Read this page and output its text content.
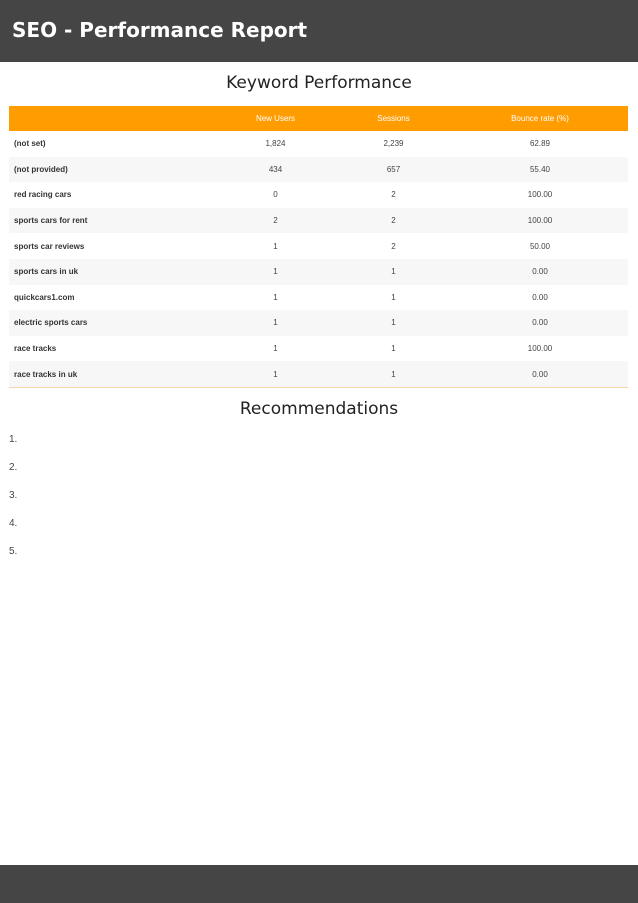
SEO - Performance Report
Keyword Performance
	New Users	Sessions	Bounce rate (%)
(not set)	1,824	2,239	62.89
(not provided)	434	657	55.40
red racing cars	0	2	100.00
sports cars for rent	2	2	100.00
sports car reviews	1	2	50.00
sports cars in uk	1	1	0.00
quickcars1.com	1	1	0.00
electric sports cars	1	1	0.00
race tracks	1	1	100.00
race tracks in uk	1	1	0.00
Recommendations
1.
2.
3.
4.
5.
